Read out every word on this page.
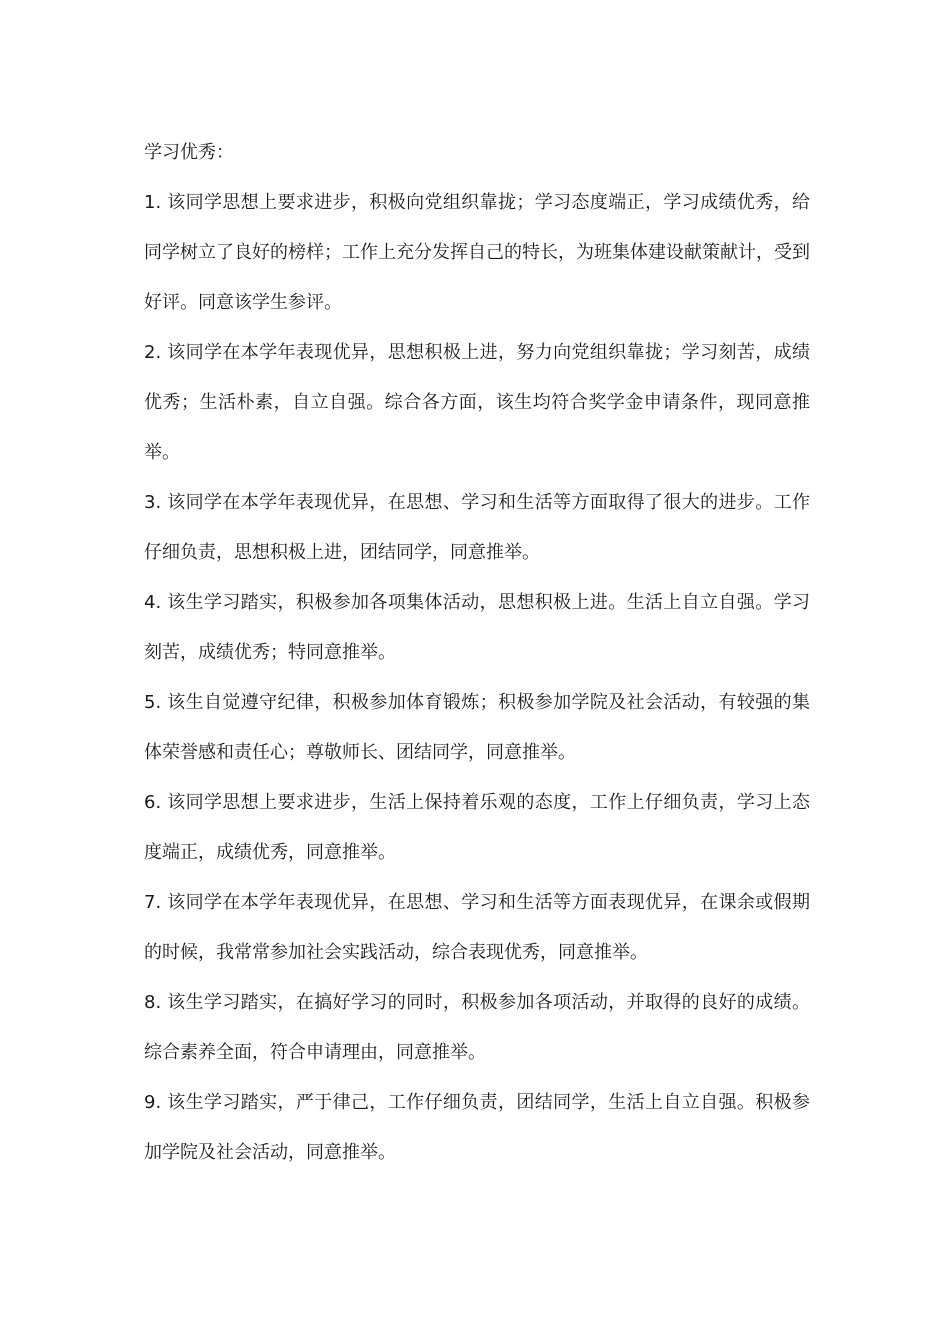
学习优秀：

1. 该同学思想上要求进步，积极向党组织靠拢；学习态度端正，学习成绩优秀，给同学树立了良好的榜样；工作上充分发挥自己的特长，为班集体建设献策献计，受到好评。同意该学生参评。

2. 该同学在本学年表现优异，思想积极上进，努力向党组织靠拢；学习刻苦，成绩优秀；生活朴素，自立自强。综合各方面，该生均符合奖学金申请条件，现同意推举。

3. 该同学在本学年表现优异，在思想、学习和生活等方面取得了很大的进步。工作仔细负责，思想积极上进，团结同学，同意推举。

4. 该生学习踏实，积极参加各项集体活动，思想积极上进。生活上自立自强。学习刻苦，成绩优秀；特同意推举。

5. 该生自觉遵守纪律，积极参加体育锻炼；积极参加学院及社会活动，有较强的集体荣誉感和责任心；尊敬师长、团结同学，同意推举。

6. 该同学思想上要求进步，生活上保持着乐观的态度，工作上仔细负责，学习上态度端正，成绩优秀，同意推举。

7. 该同学在本学年表现优异，在思想、学习和生活等方面表现优异，在课余或假期的时候，我常常参加社会实践活动，综合表现优秀，同意推举。

8. 该生学习踏实，在搞好学习的同时，积极参加各项活动，并取得的良好的成绩。综合素养全面，符合申请理由，同意推举。

9. 该生学习踏实，严于律己，工作仔细负责，团结同学，生活上自立自强。积极参加学院及社会活动，同意推举。
